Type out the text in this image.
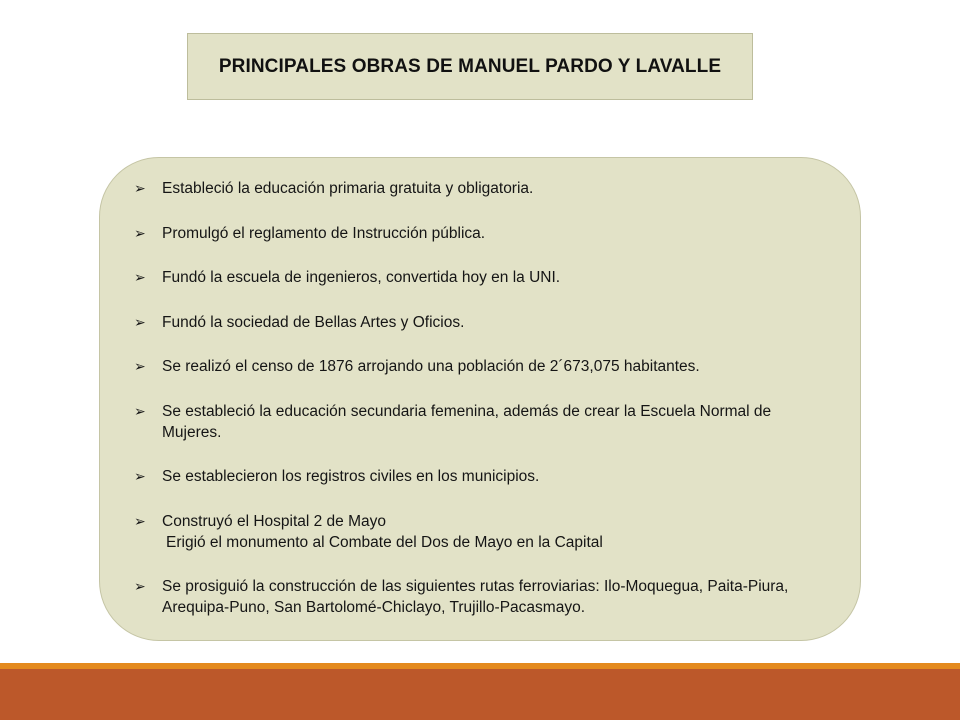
PRINCIPALES OBRAS DE MANUEL PARDO Y LAVALLE
➢ Estableció la educación primaria gratuita y obligatoria.
➢ Promulgó el reglamento de Instrucción pública.
➢ Fundó la escuela de ingenieros, convertida hoy en la UNI.
➢ Fundó la sociedad de Bellas Artes y Oficios.
➢ Se realizó el censo de 1876 arrojando una población de 2´673,075 habitantes.
➢ Se estableció la educación secundaria femenina, además de crear la Escuela Normal de Mujeres.
➢ Se establecieron los registros civiles en los municipios.
➢ Construyó el Hospital 2 de Mayo
Erigió el monumento al Combate del Dos de Mayo en la Capital
➢ Se prosiguió la construcción de las siguientes rutas ferroviarias: Ilo-Moquegua, Paita-Piura, Arequipa-Puno, San Bartolomé-Chiclayo, Trujillo-Pacasmayo.
